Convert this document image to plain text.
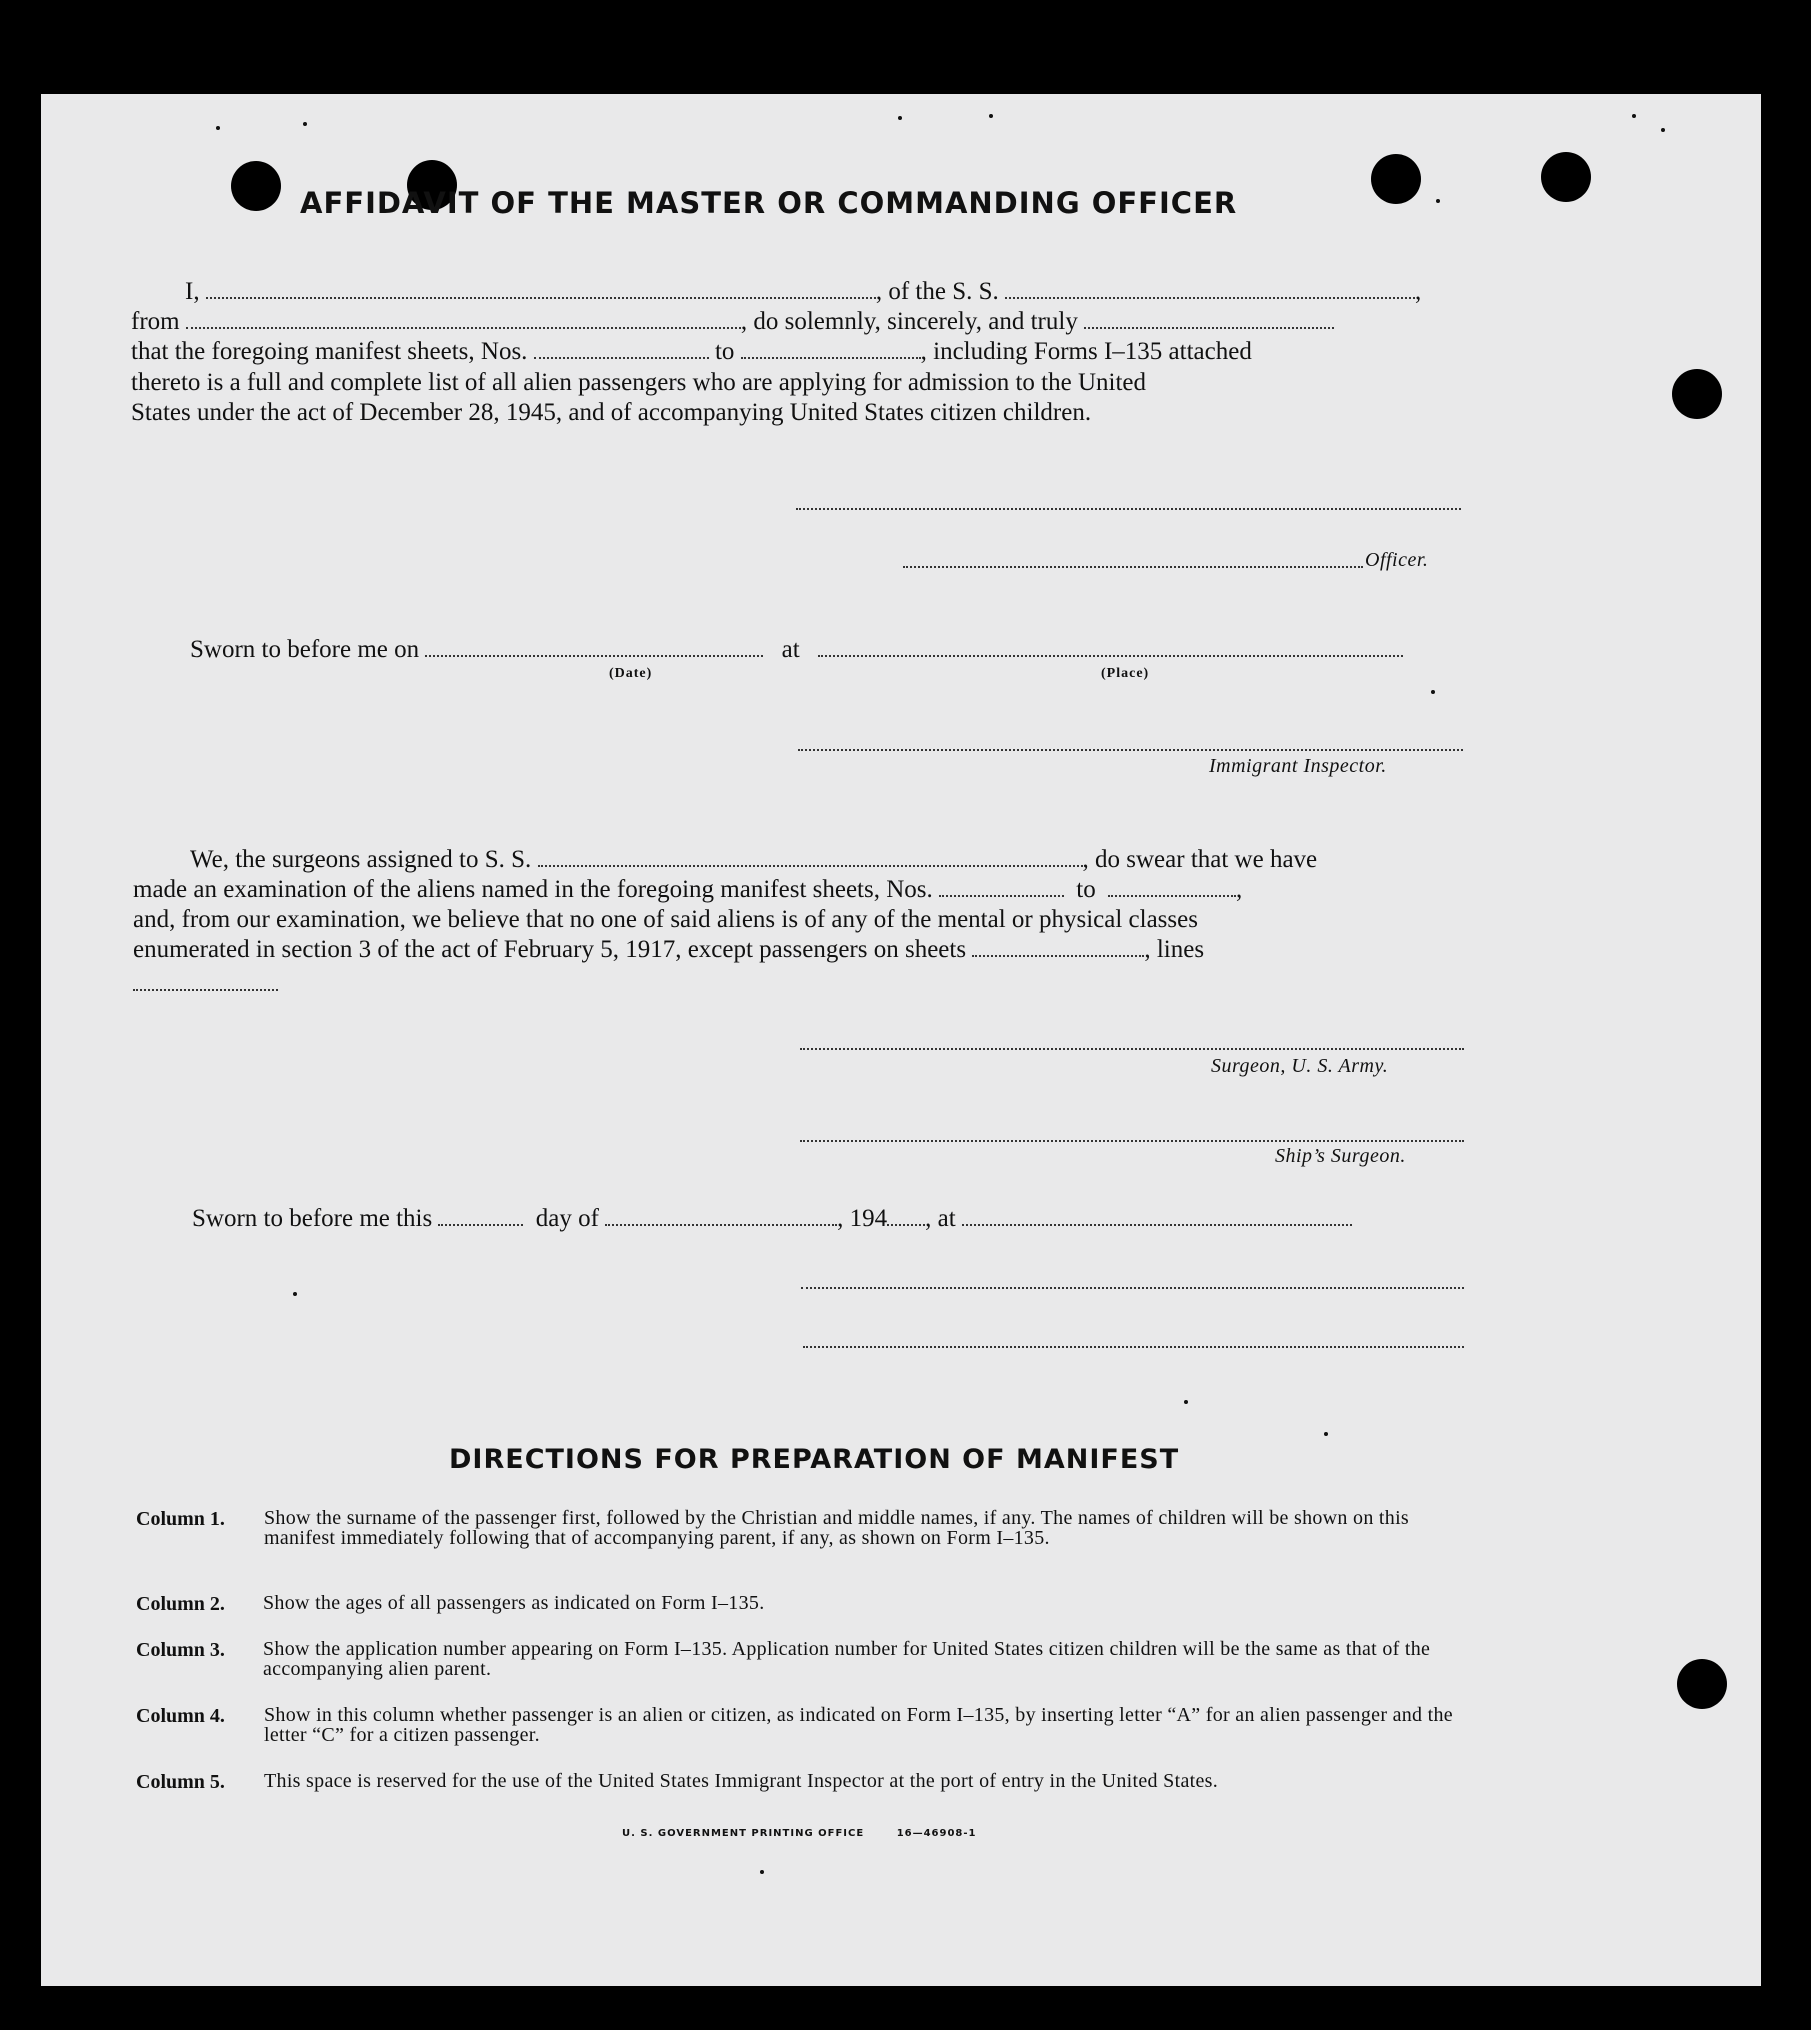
AFFIDAVIT OF THE MASTER OR COMMANDING OFFICER
I,	, of the S. S.	,
from	, do solemnly, sincerely, and truly
that the foregoing manifest sheets, Nos.	to	, including Forms I–135 attached
thereto is a full and complete list of all alien passengers who are applying for admission to the United
States under the act of December 28, 1945, and of accompanying United States citizen children.
Officer.
Sworn to before me on	at
(Date)	(Place)
Immigrant Inspector.
We, the surgeons assigned to S. S.	, do swear that we have
made an examination of the aliens named in the foregoing manifest sheets, Nos.	to	,
and, from our examination, we believe that no one of said aliens is of any of the mental or physical classes
enumerated in section 3 of the act of February 5, 1917, except passengers on sheets	, lines
Surgeon, U. S. Army.
Ship’s Surgeon.
Sworn to before me this	day of	, 194 , at
DIRECTIONS FOR PREPARATION OF MANIFEST
Column 1. Show the surname of the passenger first, followed by the Christian and middle names, if any. The names of children will be shown on this manifest immediately following that of accompanying parent, if any, as shown on Form I–135.
Column 2. Show the ages of all passengers as indicated on Form I–135.
Column 3. Show the application number appearing on Form I–135. Application number for United States citizen children will be the same as that of the accompanying alien parent.
Column 4. Show in this column whether passenger is an alien or citizen, as indicated on Form I–135, by inserting letter “A” for an alien passenger and the letter “C” for a citizen passenger.
Column 5. This space is reserved for the use of the United States Immigrant Inspector at the port of entry in the United States.
U. S. GOVERNMENT PRINTING OFFICE	16—46908-1
